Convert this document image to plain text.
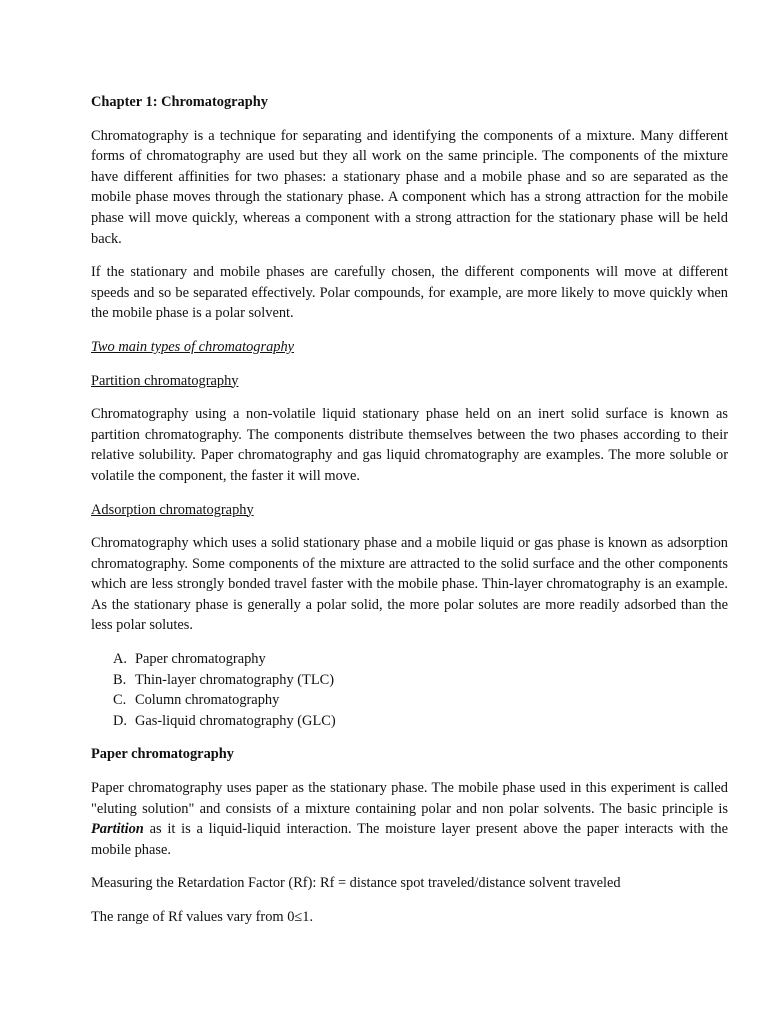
Chapter 1: Chromatography

Chromatography is a technique for separating and identifying the components of a mixture. Many different forms of chromatography are used but they all work on the same principle. The components of the mixture have different affinities for two phases: a stationary phase and a mobile phase and so are separated as the mobile phase moves through the stationary phase. A component which has a strong attraction for the mobile phase will move quickly, whereas a component with a strong attraction for the stationary phase will be held back.

If the stationary and mobile phases are carefully chosen, the different components will move at different speeds and so be separated effectively. Polar compounds, for example, are more likely to move quickly when the mobile phase is a polar solvent.

Two main types of chromatography
Partition chromatography

Chromatography using a non-volatile liquid stationary phase held on an inert solid surface is known as partition chromatography. The components distribute themselves between the two phases according to their relative solubility. Paper chromatography and gas liquid chromatography are examples. The more soluble or volatile the component, the faster it will move.

Adsorption chromatography

Chromatography which uses a solid stationary phase and a mobile liquid or gas phase is known as adsorption chromatography. Some components of the mixture are attracted to the solid surface and the other components which are less strongly bonded travel faster with the mobile phase. Thin-layer chromatography is an example. As the stationary phase is generally a polar solid, the more polar solutes are more readily adsorbed than the less polar solutes.

A. Paper chromatography
B. Thin-layer chromatography (TLC)
C. Column chromatography
D. Gas-liquid chromatography (GLC)
Paper chromatography

Paper chromatography uses paper as the stationary phase. The mobile phase used in this experiment is called "eluting solution" and consists of a mixture containing polar and non polar solvents. The basic principle is Partition as it is a liquid-liquid interaction. The moisture layer present above the paper interacts with the mobile phase.

Measuring the Retardation Factor (Rf): Rf = distance spot traveled/distance solvent traveled

The range of Rf values vary from 0≤1.
